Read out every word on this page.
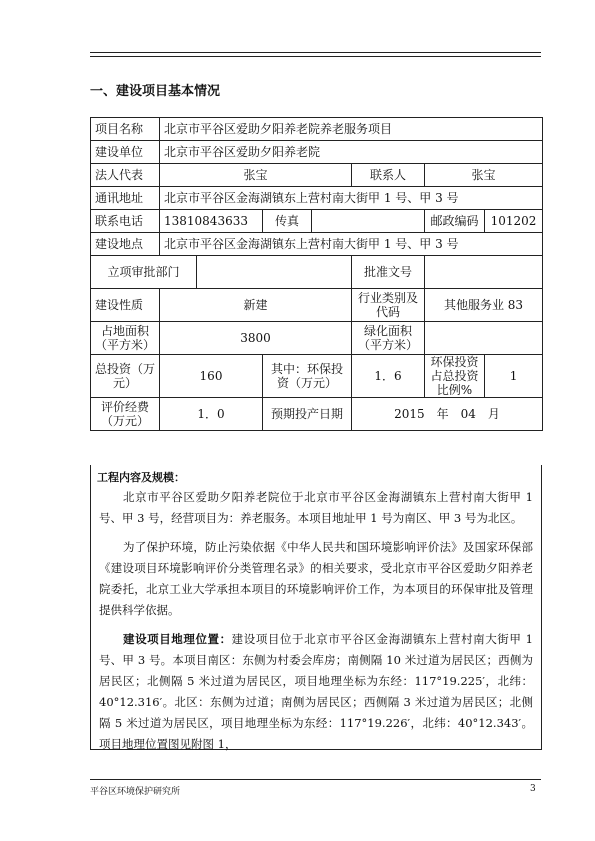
一、建设项目基本情况
项目名称	北京市平谷区爱助夕阳养老院养老服务项目						
建设单位	北京市平谷区爱助夕阳养老院						
法人代表	张宝				联系人	张宝	
通讯地址	北京市平谷区金海湖镇东上营村南大街甲 1 号、甲 3 号						
联系电话	13810843633		传真			邮政编码	101202
建设地点	北京市平谷区金海湖镇东上营村南大街甲 1 号、甲 3 号						
立项审批部门					批准文号		
建设性质	新建				行业类别及代码	其他服务业 83	
占地面积（平方米）	3800				绿化面积（平方米）		
总投资（万元）	160		其中：环保投资（万元）		1．6	环保投资占总投资比例%	1
评价经费（万元）	1．0		预期投产日期		2015　年　04　月		
工程内容及规模：

北京市平谷区爱助夕阳养老院位于北京市平谷区金海湖镇东上营村南大街甲 1 号、甲 3 号，经营项目为：养老服务。本项目地址甲 1 号为南区、甲 3 号为北区。

为了保护环境，防止污染依据《中华人民共和国环境影响评价法》及国家环保部《建设项目环境影响评价分类管理名录》的相关要求，受北京市平谷区爱助夕阳养老院委托，北京工业大学承担本项目的环境影响评价工作，为本项目的环保审批及管理提供科学依据。

建设项目地理位置：建设项目位于北京市平谷区金海湖镇东上营村南大街甲 1 号、甲 3 号。本项目南区：东侧为村委会库房；南侧隔 10 米过道为居民区；西侧为居民区；北侧隔 5 米过道为居民区，项目地理坐标为东经：117°19.225′，北纬：40°12.316′。北区：东侧为过道；南侧为居民区；西侧隔 3 米过道为居民区；北侧隔 5 米过道为居民区，项目地理坐标为东经：117°19.226′，北纬：40°12.343′。项目地理位置图见附图 1，

平谷区环境保护研究所	3
